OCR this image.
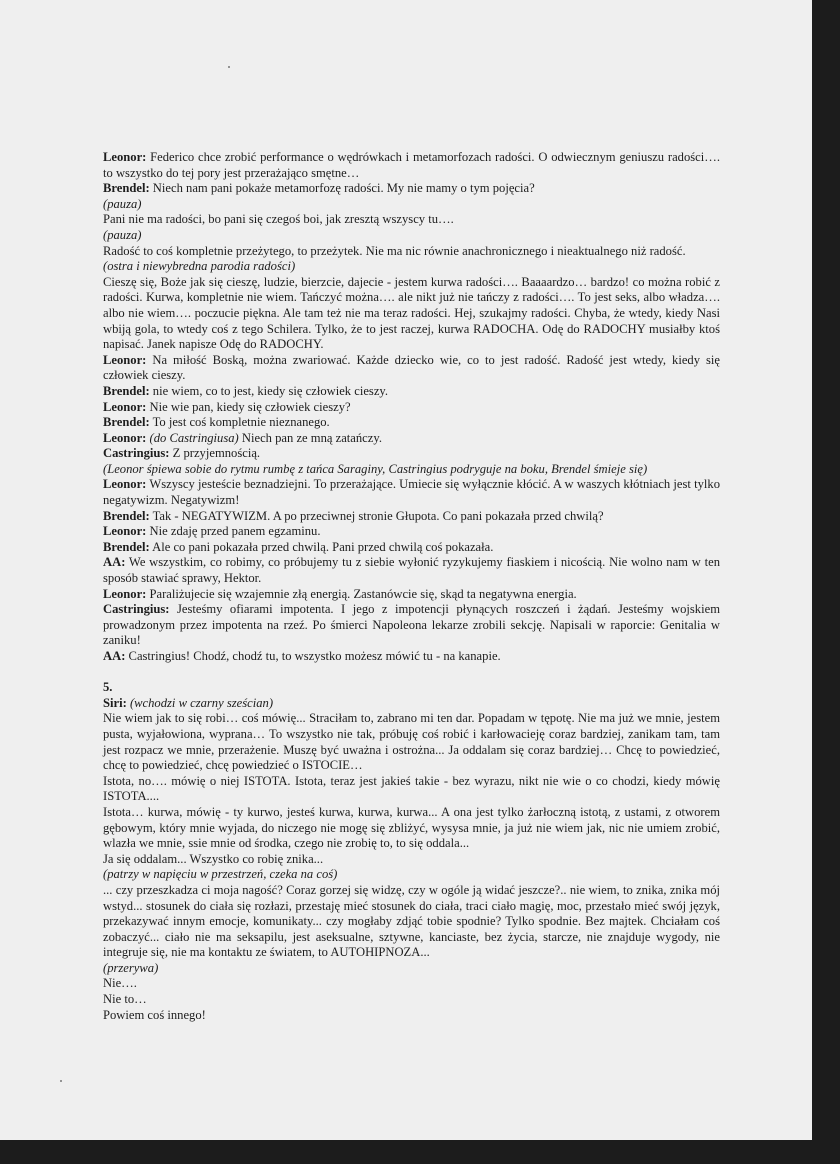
Leonor: Federico chce zrobić performance o wędrówkach i metamorfozach radości. O odwiecznym geniuszu radości…. to wszystko do tej pory jest przerażająco smętne…

Brendel: Niech nam pani pokaże metamorfozę radości. My nie mamy o tym pojęcia?

(pauza)

Pani nie ma radości, bo pani się czegoś boi, jak zresztą wszyscy tu….

(pauza)

Radość to coś kompletnie przeżytego, to przeżytek. Nie ma nic równie anachronicznego i nieaktualnego niż radość.

(ostra i niewybredna parodia radości)

Cieszę się, Boże jak się cieszę, ludzie, bierzcie, dajecie - jestem kurwa radości…. Baaaardzo… bardzo! co można robić z radości. Kurwa, kompletnie nie wiem. Tańczyć można…. ale nikt już nie tańczy z radości…. To jest seks, albo władza…. albo nie wiem…. poczucie piękna. Ale tam też nie ma teraz radości. Hej, szukajmy radości. Chyba, że wtedy, kiedy Nasi wbiją gola, to wtedy coś z tego Schilera. Tylko, że to jest raczej, kurwa RADOCHA. Odę do RADOCHY musiałby ktoś napisać. Janek napisze Odę do RADOCHY.

Leonor: Na miłość Boską, można zwariować. Każde dziecko wie, co to jest radość. Radość jest wtedy, kiedy się człowiek cieszy.

Brendel: nie wiem, co to jest, kiedy się człowiek cieszy.

Leonor: Nie wie pan, kiedy się człowiek cieszy?

Brendel: To jest coś kompletnie nieznanego.

Leonor: (do Castringiusa) Niech pan ze mną zatańczy.

Castringius: Z przyjemnością.

(Leonor śpiewa sobie do rytmu rumbę z tańca Saraginy, Castringius podryguje na boku, Brendel śmieje się)

Leonor: Wszyscy jesteście beznadziejni. To przerażające. Umiecie się wyłącznie kłócić. A w waszych kłótniach jest tylko negatywizm. Negatywizm!

Brendel: Tak - NEGATYWIZM. A po przeciwnej stronie Głupota. Co pani pokazała przed chwilą?

Leonor: Nie zdaję przed panem egzaminu.

Brendel: Ale co pani pokazała przed chwilą. Pani przed chwilą coś pokazała.

AA: We wszystkim, co robimy, co próbujemy tu z siebie wyłonić ryzykujemy fiaskiem i nicością. Nie wolno nam w ten sposób stawiać sprawy, Hektor.

Leonor: Paraliżujecie się wzajemnie złą energią. Zastanówcie się, skąd ta negatywna energia.

Castringius: Jesteśmy ofiarami impotenta. I jego z impotencji płynących roszczeń i żądań. Jesteśmy wojskiem prowadzonym przez impotenta na rzeź. Po śmierci Napoleona lekarze zrobili sekcję. Napisali w raporcie: Genitalia w zaniku!

AA: Castringius! Chodź, chodź tu, to wszystko możesz mówić tu - na kanapie.

5.

Siri: (wchodzi w czarny sześcian)

Nie wiem jak to się robi… coś mówię... Straciłam to, zabrano mi ten dar. Popadam w tępotę. Nie ma już we mnie, jestem pusta, wyjałowiona, wyprana… To wszystko nie tak, próbuję coś robić i karłowacieję coraz bardziej, zanikam tam, tam jest rozpacz we mnie, przerażenie. Muszę być uważna i ostrożna... Ja oddalam się coraz bardziej… Chcę to powiedzieć, chcę to powiedzieć, chcę powiedzieć o ISTOCIE…

Istota, no…. mówię o niej ISTOTA. Istota, teraz jest jakieś takie - bez wyrazu, nikt nie wie o co chodzi, kiedy mówię ISTOTA....

Istota… kurwa, mówię - ty kurwo, jesteś kurwa, kurwa, kurwa... A ona jest tylko żarłoczną istotą, z ustami, z otworem gębowym, który mnie wyjada, do niczego nie mogę się zbliżyć, wysysa mnie, ja już nie wiem jak, nic nie umiem zrobić, wlazła we mnie, ssie mnie od środka, czego nie zrobię to, to się oddala...

Ja się oddalam... Wszystko co robię znika...

(patrzy w napięciu w przestrzeń, czeka na coś)

... czy przeszkadza ci moja nagość? Coraz gorzej się widzę, czy w ogóle ją widać jeszcze?.. nie wiem, to znika, znika mój wstyd... stosunek do ciała się rozłazi, przestaję mieć stosunek do ciała, traci ciało magię, moc, przestało mieć swój język, przekazywać innym emocje, komunikaty... czy mogłaby zdjąć tobie spodnie? Tylko spodnie. Bez majtek. Chciałam coś zobaczyć... ciało nie ma seksapilu, jest aseksualne, sztywne, kanciaste, bez życia, starcze, nie znajduje wygody, nie integruje się, nie ma kontaktu ze światem, to AUTOHIPNOZA...

(przerywa)

Nie….

Nie to…

Powiem coś innego!
